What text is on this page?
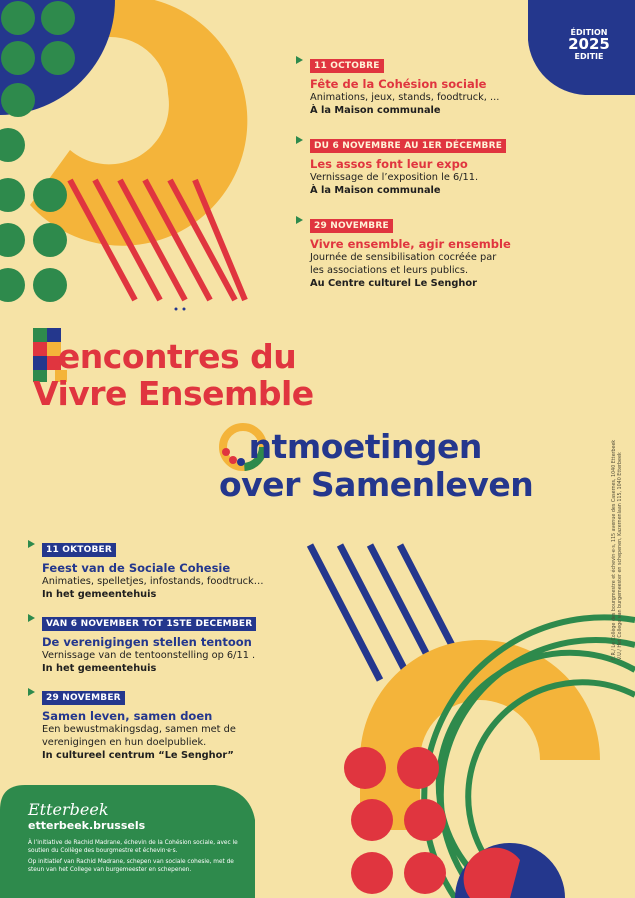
ÉDITION
2025
EDITIE
11 OCTOBRE
Fête de la Cohésion sociale
Animations, jeux, stands, foodtruck, ...
À la Maison communale
DU 6 NOVEMBRE AU 1ER DÉCEMBRE
Les assos font leur expo
Vernissage de l’exposition le 6/11.
À la Maison communale
29 NOVEMBRE
Vivre ensemble, agir ensemble
Journée de sensibilisation cocréée par
les associations et leurs publics.
Au Centre culturel Le Senghor
encontres du
Vivre Ensemble
ntmoetingen
over Samenleven	É.R./ Le Collège des bourgmestre et échevin·e·s, 115 avenue des Casernes, 1040 Etterbeek V.U./ Het College van burgemeester en schepenen, Kazernenlaan 115, 1040 Etterbeek
11 OKTOBER
Feest van de Sociale Cohesie
Animaties, spelletjes, infostands, foodtruck…
In het gemeentehuis
VAN 6 NOVEMBER TOT 1STE DECEMBER
De verenigingen stellen tentoon
Vernissage van de tentoonstelling op 6/11 .
In het gemeentehuis
29 NOVEMBER
Samen leven, samen doen
Een bewustmakingsdag, samen met de
verenigingen en hun doelpubliek.
In cultureel centrum “Le Senghor”
Etterbeek
etterbeek.brussels
À l’initiative de Rachid Madrane, échevin de la Cohésion sociale, avec le
soutien du Collège des bourgmestre et échevin·e·s.
Op initiatief van Rachid Madrane, schepen van sociale cohesie, met de
steun van het College van burgemeester en schepenen.
